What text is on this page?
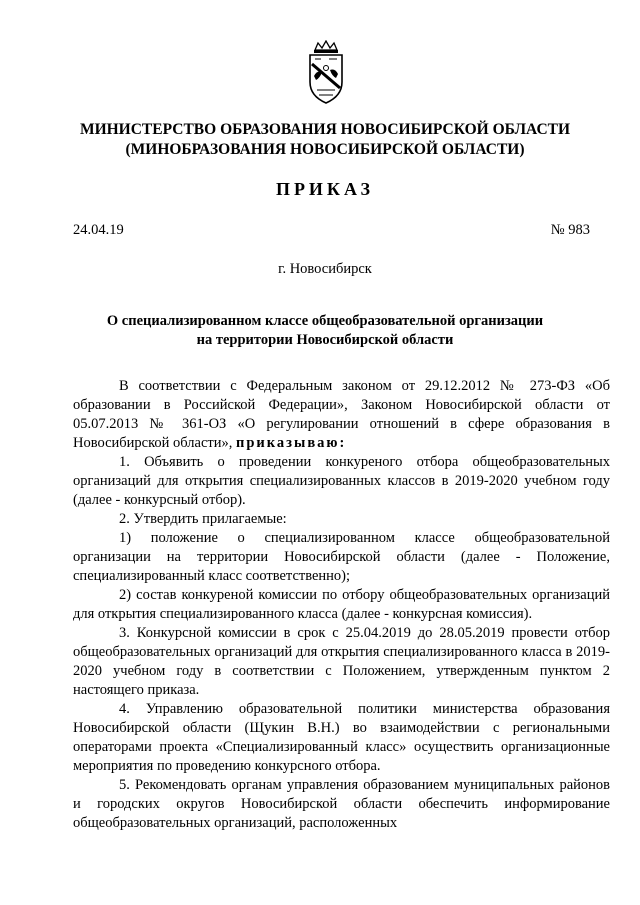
МИНИСТЕРСТВО ОБРАЗОВАНИЯ НОВОСИБИРСКОЙ ОБЛАСТИ
(МИНОБРАЗОВАНИЯ НОВОСИБИРСКОЙ ОБЛАСТИ)
ПРИКАЗ
24.04.19	№ 983
г. Новосибирск
О специализированном классе общеобразовательной организации
на территории Новосибирской области

В соответствии с Федеральным законом от 29.12.2012 № 273-ФЗ «Об образовании в Российской Федерации», Законом Новосибирской области от 05.07.2013 № 361-ОЗ «О регулировании отношений в сфере образования в Новосибирской области», приказываю:

1. Объявить о проведении конкуреного отбора общеобразовательных организаций для открытия специализированных классов в 2019-2020 учебном году (далее - конкурсный отбор).

2. Утвердить прилагаемые:

1) положение о специализированном классе общеобразовательной организации на территории Новосибирской области (далее - Положение, специализированный класс соответственно);

2) состав конкуреной комиссии по отбору общеобразовательных организаций для открытия специализированного класса (далее - конкурсная комиссия).

3. Конкурсной комиссии в срок с 25.04.2019 до 28.05.2019 провести отбор общеобразовательных организаций для открытия специализированного класса в 2019-2020 учебном году в соответствии с Положением, утвержденным пунктом 2 настоящего приказа.

4. Управлению образовательной политики министерства образования Новосибирской области (Щукин В.Н.) во взаимодействии с региональными операторами проекта «Специализированный класс» осуществить организационные мероприятия по проведению конкурсного отбора.

5. Рекомендовать органам управления образованием муниципальных районов и городских округов Новосибирской области обеспечить информирование общеобразовательных организаций, расположенных
